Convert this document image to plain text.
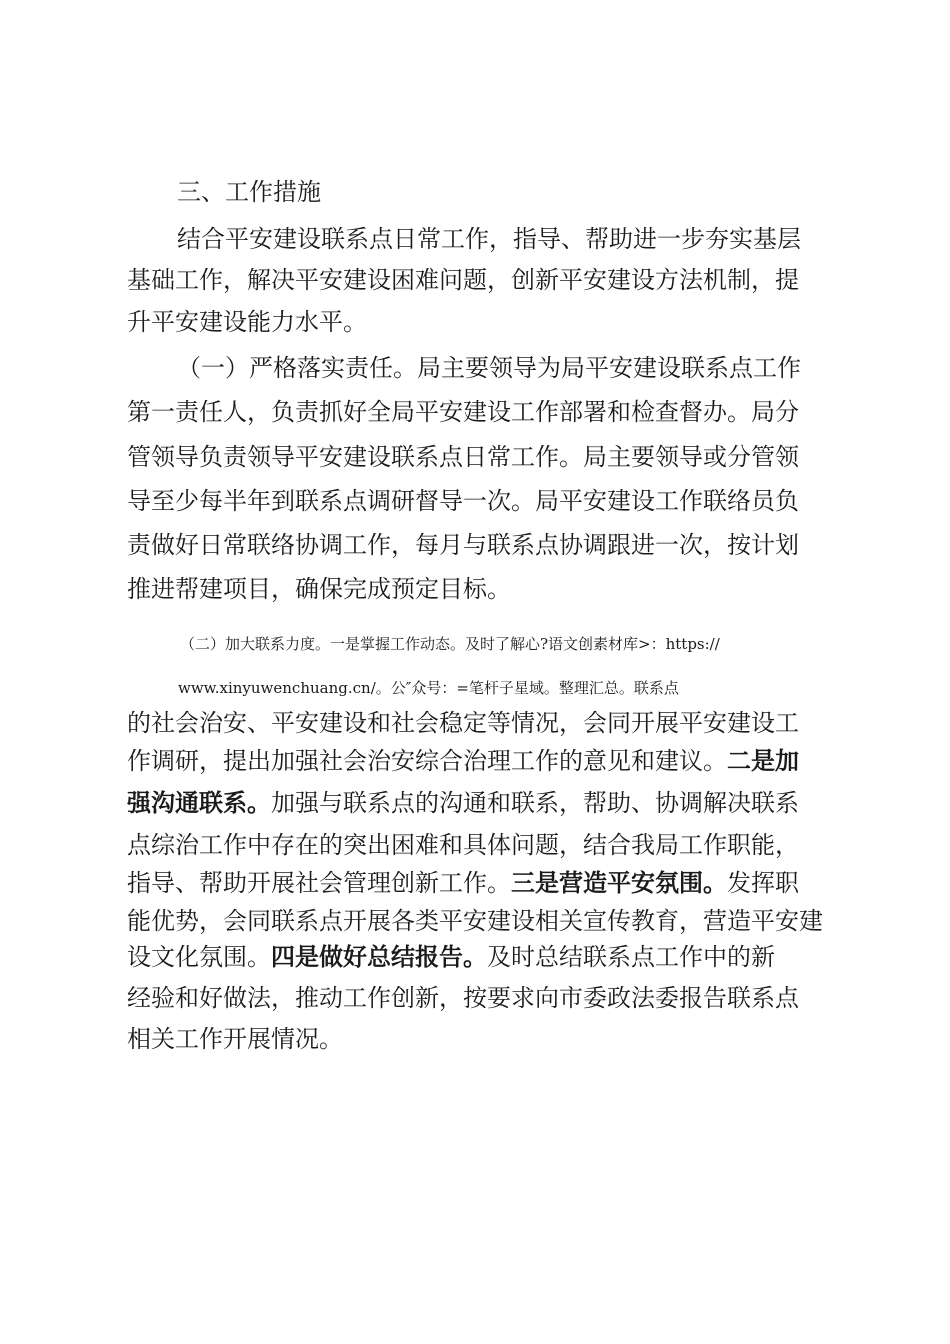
三、工作措施
结合平安建设联系点日常工作，指导、帮助进一步夯实基层
基础工作，解决平安建设困难问题，创新平安建设方法机制，提
升平安建设能力水平。
（一）严格落实责任。局主要领导为局平安建设联系点工作
第一责任人，负责抓好全局平安建设工作部署和检查督办。局分
管领导负责领导平安建设联系点日常工作。局主要领导或分管领
导至少每半年到联系点调研督导一次。局平安建设工作联络员负
责做好日常联络协调工作，每月与联系点协调跟进一次，按计划
推进帮建项目，确保完成预定目标。
（二）加大联系力度。一是掌握工作动态。及时了解心?语文创素材库>：https://
www.xinyuwenchuang.cn/。公″众号：=笔杆子星域。整理汇总。联系点
的社会治安、平安建设和社会稳定等情况，会同开展平安建设工
作调研，提出加强社会治安综合治理工作的意见和建议。二是加
强沟通联系。加强与联系点的沟通和联系，帮助、协调解决联系
点综治工作中存在的突出困难和具体问题，结合我局工作职能，
指导、帮助开展社会管理创新工作。三是营造平安氛围。发挥职
能优势，会同联系点开展各类平安建设相关宣传教育，营造平安建
设文化氛围。四是做好总结报告。及时总结联系点工作中的新
经验和好做法，推动工作创新，按要求向市委政法委报告联系点
相关工作开展情况。
